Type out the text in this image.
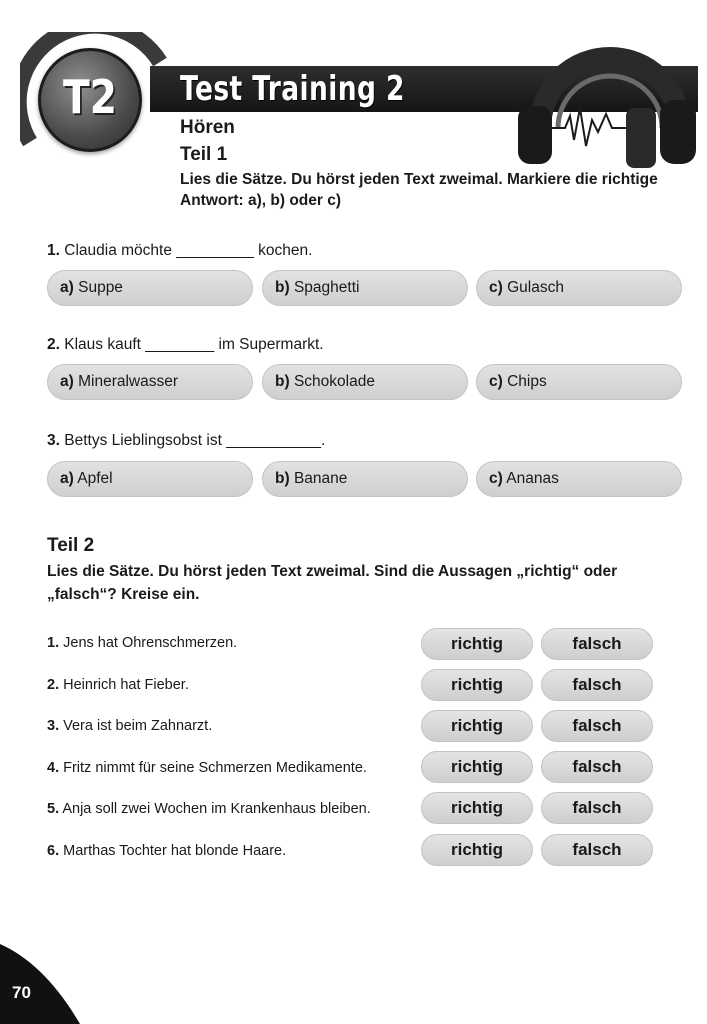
Test Training 2
T2
Hören
Teil 1
Lies die Sätze. Du hörst jeden Text zweimal. Markiere die richtige Antwort: a), b) oder c)
1. Claudia möchte _________ kochen.
a) Suppe	b) Spaghetti	c) Gulasch
2. Klaus kauft ________ im Supermarkt.
a) Mineralwasser	b) Schokolade	c) Chips
3. Bettys Lieblingsobst ist ___________.
a) Apfel	b) Banane	c) Ananas
Teil 2
Lies die Sätze. Du hörst jeden Text zweimal. Sind die Aussagen „richtig“ oder „falsch“? Kreise ein.
1. Jens hat Ohrenschmerzen.	richtig	falsch
2. Heinrich hat Fieber.	richtig	falsch
3. Vera ist beim Zahnarzt.	richtig	falsch
4. Fritz nimmt für seine Schmerzen Medikamente.	richtig	falsch
5. Anja soll zwei Wochen im Krankenhaus bleiben.	richtig	falsch
6. Marthas Tochter hat blonde Haare.	richtig	falsch
70
